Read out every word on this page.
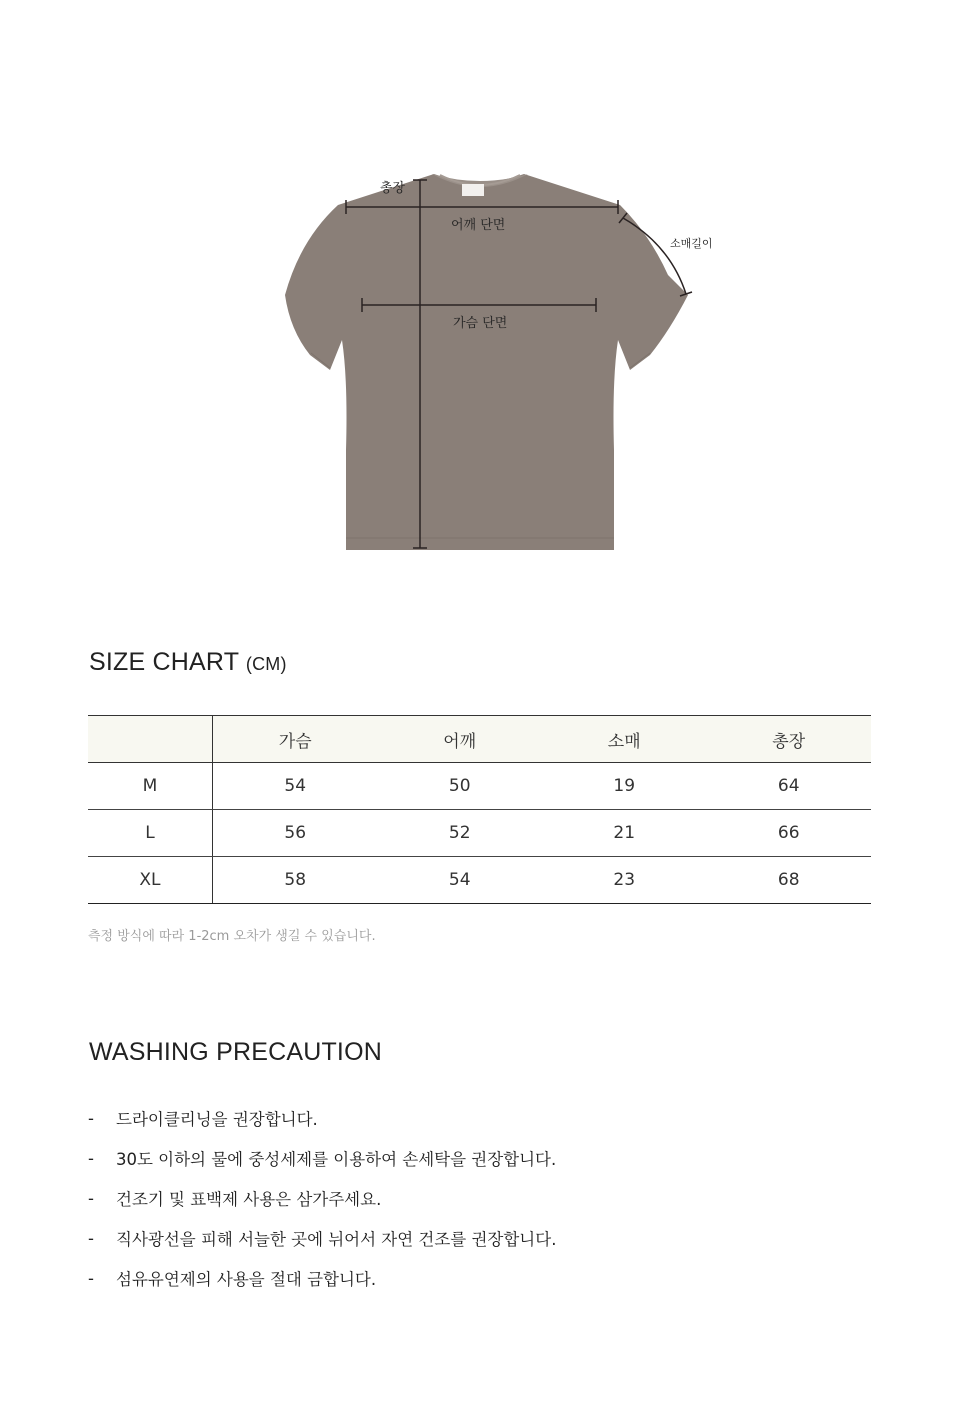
총장
어깨 단면
소매길이
가슴 단면
SIZE CHART (CM)
	가슴	어깨	소매	총장
M	54	50	19	64
L	56	52	21	66
XL	58	54	23	68

측정 방식에 따라 1-2cm 오차가 생길 수 있습니다.

WASHING PRECAUTION
-	드라이클리닝을 권장합니다.
-	30도 이하의 물에 중성세제를 이용하여 손세탁을 권장합니다.
-	건조기 및 표백제 사용은 삼가주세요.
-	직사광선을 피해 서늘한 곳에 뉘어서 자연 건조를 권장합니다.
-	섬유유연제의 사용을 절대 금합니다.
